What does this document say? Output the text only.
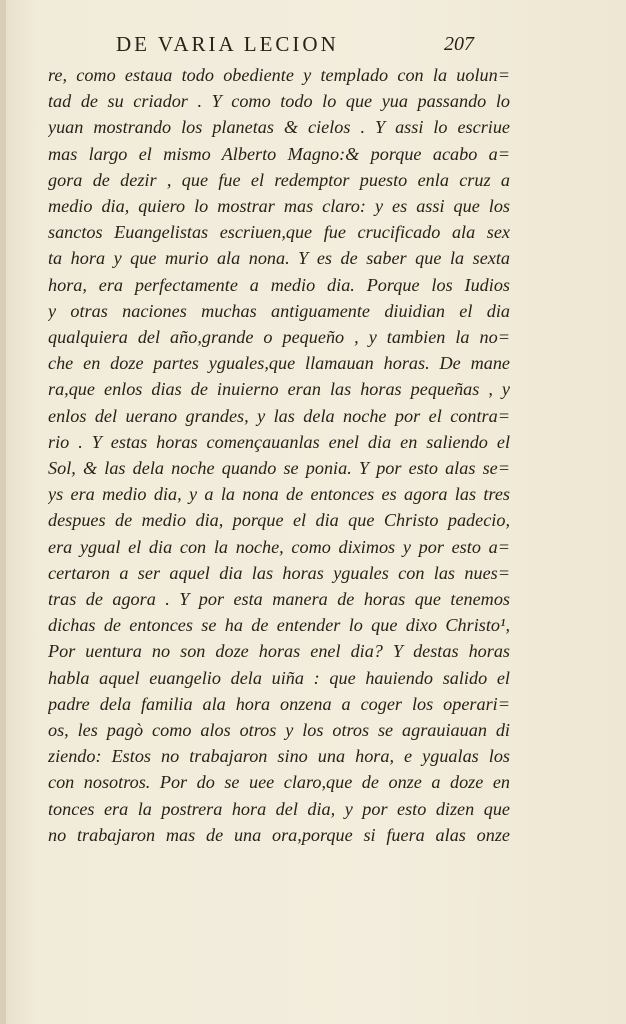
DE VARIA LECION	207
re, como estaua todo obediente y templado con la uolun=
tad de su criador . Y como todo lo que yua passando lo
yuan mostrando los planetas & cielos . Y assi lo escriue
mas largo el mismo Alberto Magno:& porque acabo a=
gora de dezir , que fue el redemptor puesto enla cruz a
medio dia, quiero lo mostrar mas claro: y es assi que los
sanctos Euangelistas escriuen,que fue crucificado ala sex
ta hora y que murio ala nona. Y es de saber que la sexta
hora, era perfectamente a medio dia. Porque los Iudios
y otras naciones muchas antiguamente diuidian el dia
qualquiera del año,grande o pequeño , y tambien la no=
che en doze partes yguales,que llamauan horas. De mane
ra,que enlos dias de inuierno eran las horas pequeñas , y
enlos del uerano grandes, y las dela noche por el contra=
rio . Y estas horas començauanlas enel dia en saliendo el
Sol, & las dela noche quando se ponia. Y por esto alas se=
ys era medio dia, y a la nona de entonces es agora las tres
despues de medio dia, porque el dia que Christo padecio,
era ygual el dia con la noche, como diximos y por esto a=
certaron a ser aquel dia las horas yguales con las nues=
tras de agora . Y por esta manera de horas que tenemos
dichas de entonces se ha de entender lo que dixo Christo¹,
Por uentura no son doze horas enel dia? Y destas horas
habla aquel euangelio dela uiña : que hauiendo salido el
padre dela familia ala hora onzena a coger los operari=
os, les pagò como alos otros y los otros se agrauiauan di
ziendo: Estos no trabajaron sino una hora, e ygualas los
con nosotros. Por do se uee claro,que de onze a doze en
tonces era la postrera hora del dia, y por esto dizen que
no trabajaron mas de una ora,porque si fuera alas onze
